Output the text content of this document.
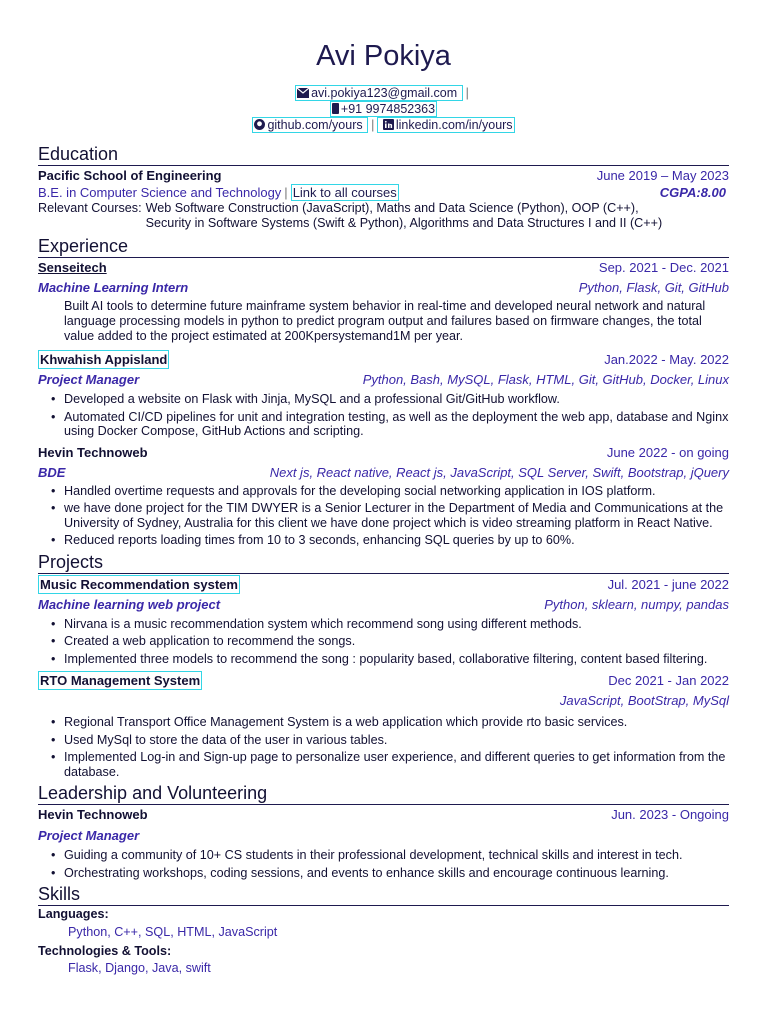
Avi Pokiya
avi.pokiya123@gmail.com |
+91 9974852363
github.com/yours | linkedin.com/in/yours
Education
Pacific School of Engineering	June 2019 – May 2023
B.E. in Computer Science and Technology | Link to all courses	CGPA:8.00
Relevant Courses: Web Software Construction (JavaScript), Maths and Data Science (Python), OOP (C++),
Security in Software Systems (Swift & Python), Algorithms and Data Structures I and II (C++)
Experience
Senseitech	Sep. 2021 - Dec. 2021
Machine Learning Intern	Python, Flask, Git, GitHub
Built AI tools to determine future mainframe system behavior in real-time and developed neural network and natural language processing models in python to predict program output and failures based on firmware changes, the total value added to the project estimated at 200Kpersystemand1M per year.
Khwahish Appisland	Jan.2022 - May. 2022
Project Manager	Python, Bash, MySQL, Flask, HTML, Git, GitHub, Docker, Linux
• Developed a website on Flask with Jinja, MySQL and a professional Git/GitHub workflow.
• Automated CI/CD pipelines for unit and integration testing, as well as the deployment the web app, database and Nginx using Docker Compose, GitHub Actions and scripting.
Hevin Technoweb	June 2022 - on going
BDE	Next js, React native, React js, JavaScript, SQL Server, Swift, Bootstrap, jQuery
• Handled overtime requests and approvals for the developing social networking application in IOS platform.
• we have done project for the TIM DWYER is a Senior Lecturer in the Department of Media and Communications at the University of Sydney, Australia for this client we have done project which is video streaming platform in React Native.
• Reduced reports loading times from 10 to 3 seconds, enhancing SQL queries by up to 60%.
Projects
Music Recommendation system	Jul. 2021 - june 2022
Machine learning web project	Python, sklearn, numpy, pandas
• Nirvana is a music recommendation system which recommend song using different methods.
• Created a web application to recommend the songs.
• Implemented three models to recommend the song : popularity based, collaborative filtering, content based filtering.
RTO Management System	Dec 2021 - Jan 2022
JavaScript, BootStrap, MySql
• Regional Transport Office Management System is a web application which provide rto basic services.
• Used MySql to store the data of the user in various tables.
• Implemented Log-in and Sign-up page to personalize user experience, and different queries to get information from the database.
Leadership and Volunteering
Hevin Technoweb	Jun. 2023 - Ongoing
Project Manager
• Guiding a community of 10+ CS students in their professional development, technical skills and interest in tech.
• Orchestrating workshops, coding sessions, and events to enhance skills and encourage continuous learning.
Skills
Languages:
Python, C++, SQL, HTML, JavaScript
Technologies & Tools:
Flask, Django, Java, swift
